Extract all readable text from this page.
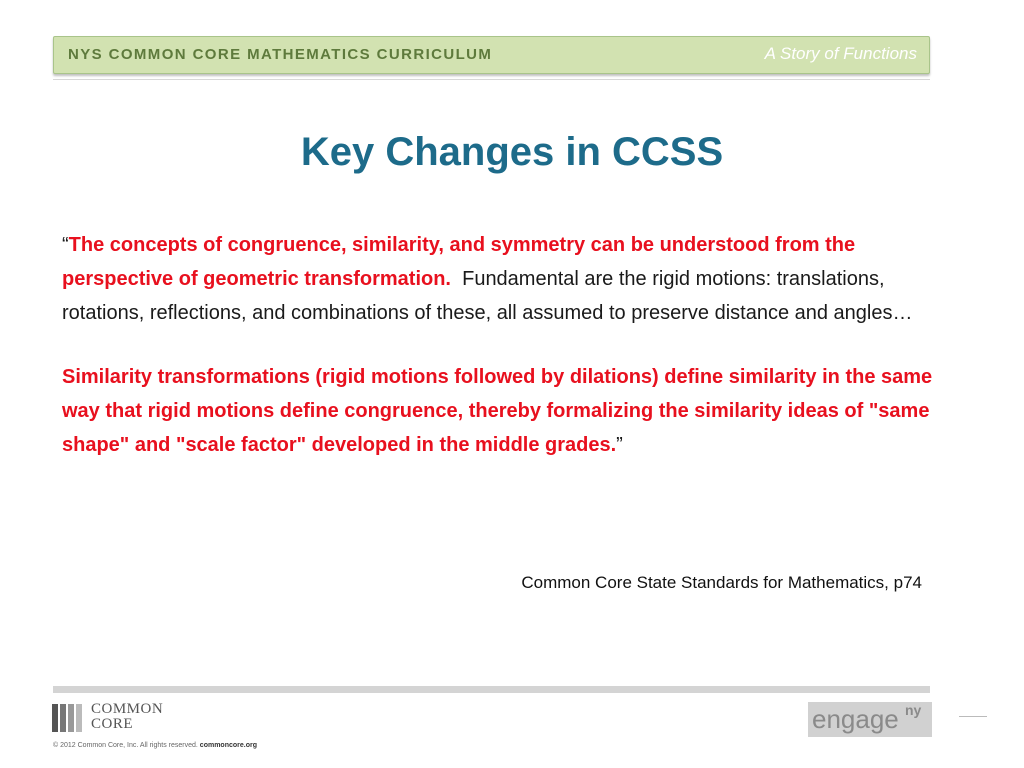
NYS COMMON CORE MATHEMATICS CURRICULUM	A Story of Functions
Key Changes in CCSS

“The concepts of congruence, similarity, and symmetry can be understood from the perspective of geometric transformation.  Fundamental are the rigid motions: translations, rotations, reflections, and combinations of these, all assumed to preserve distance and angles…

Similarity transformations (rigid motions followed by dilations) define similarity in the same way that rigid motions define congruence, thereby formalizing the similarity ideas of "same shape" and "scale factor" developed in the middle grades.”

Common Core State Standards for Mathematics, p74
COMMON
CORE
© 2012 Common Core, Inc. All rights reserved. commoncore.org
engage ny
